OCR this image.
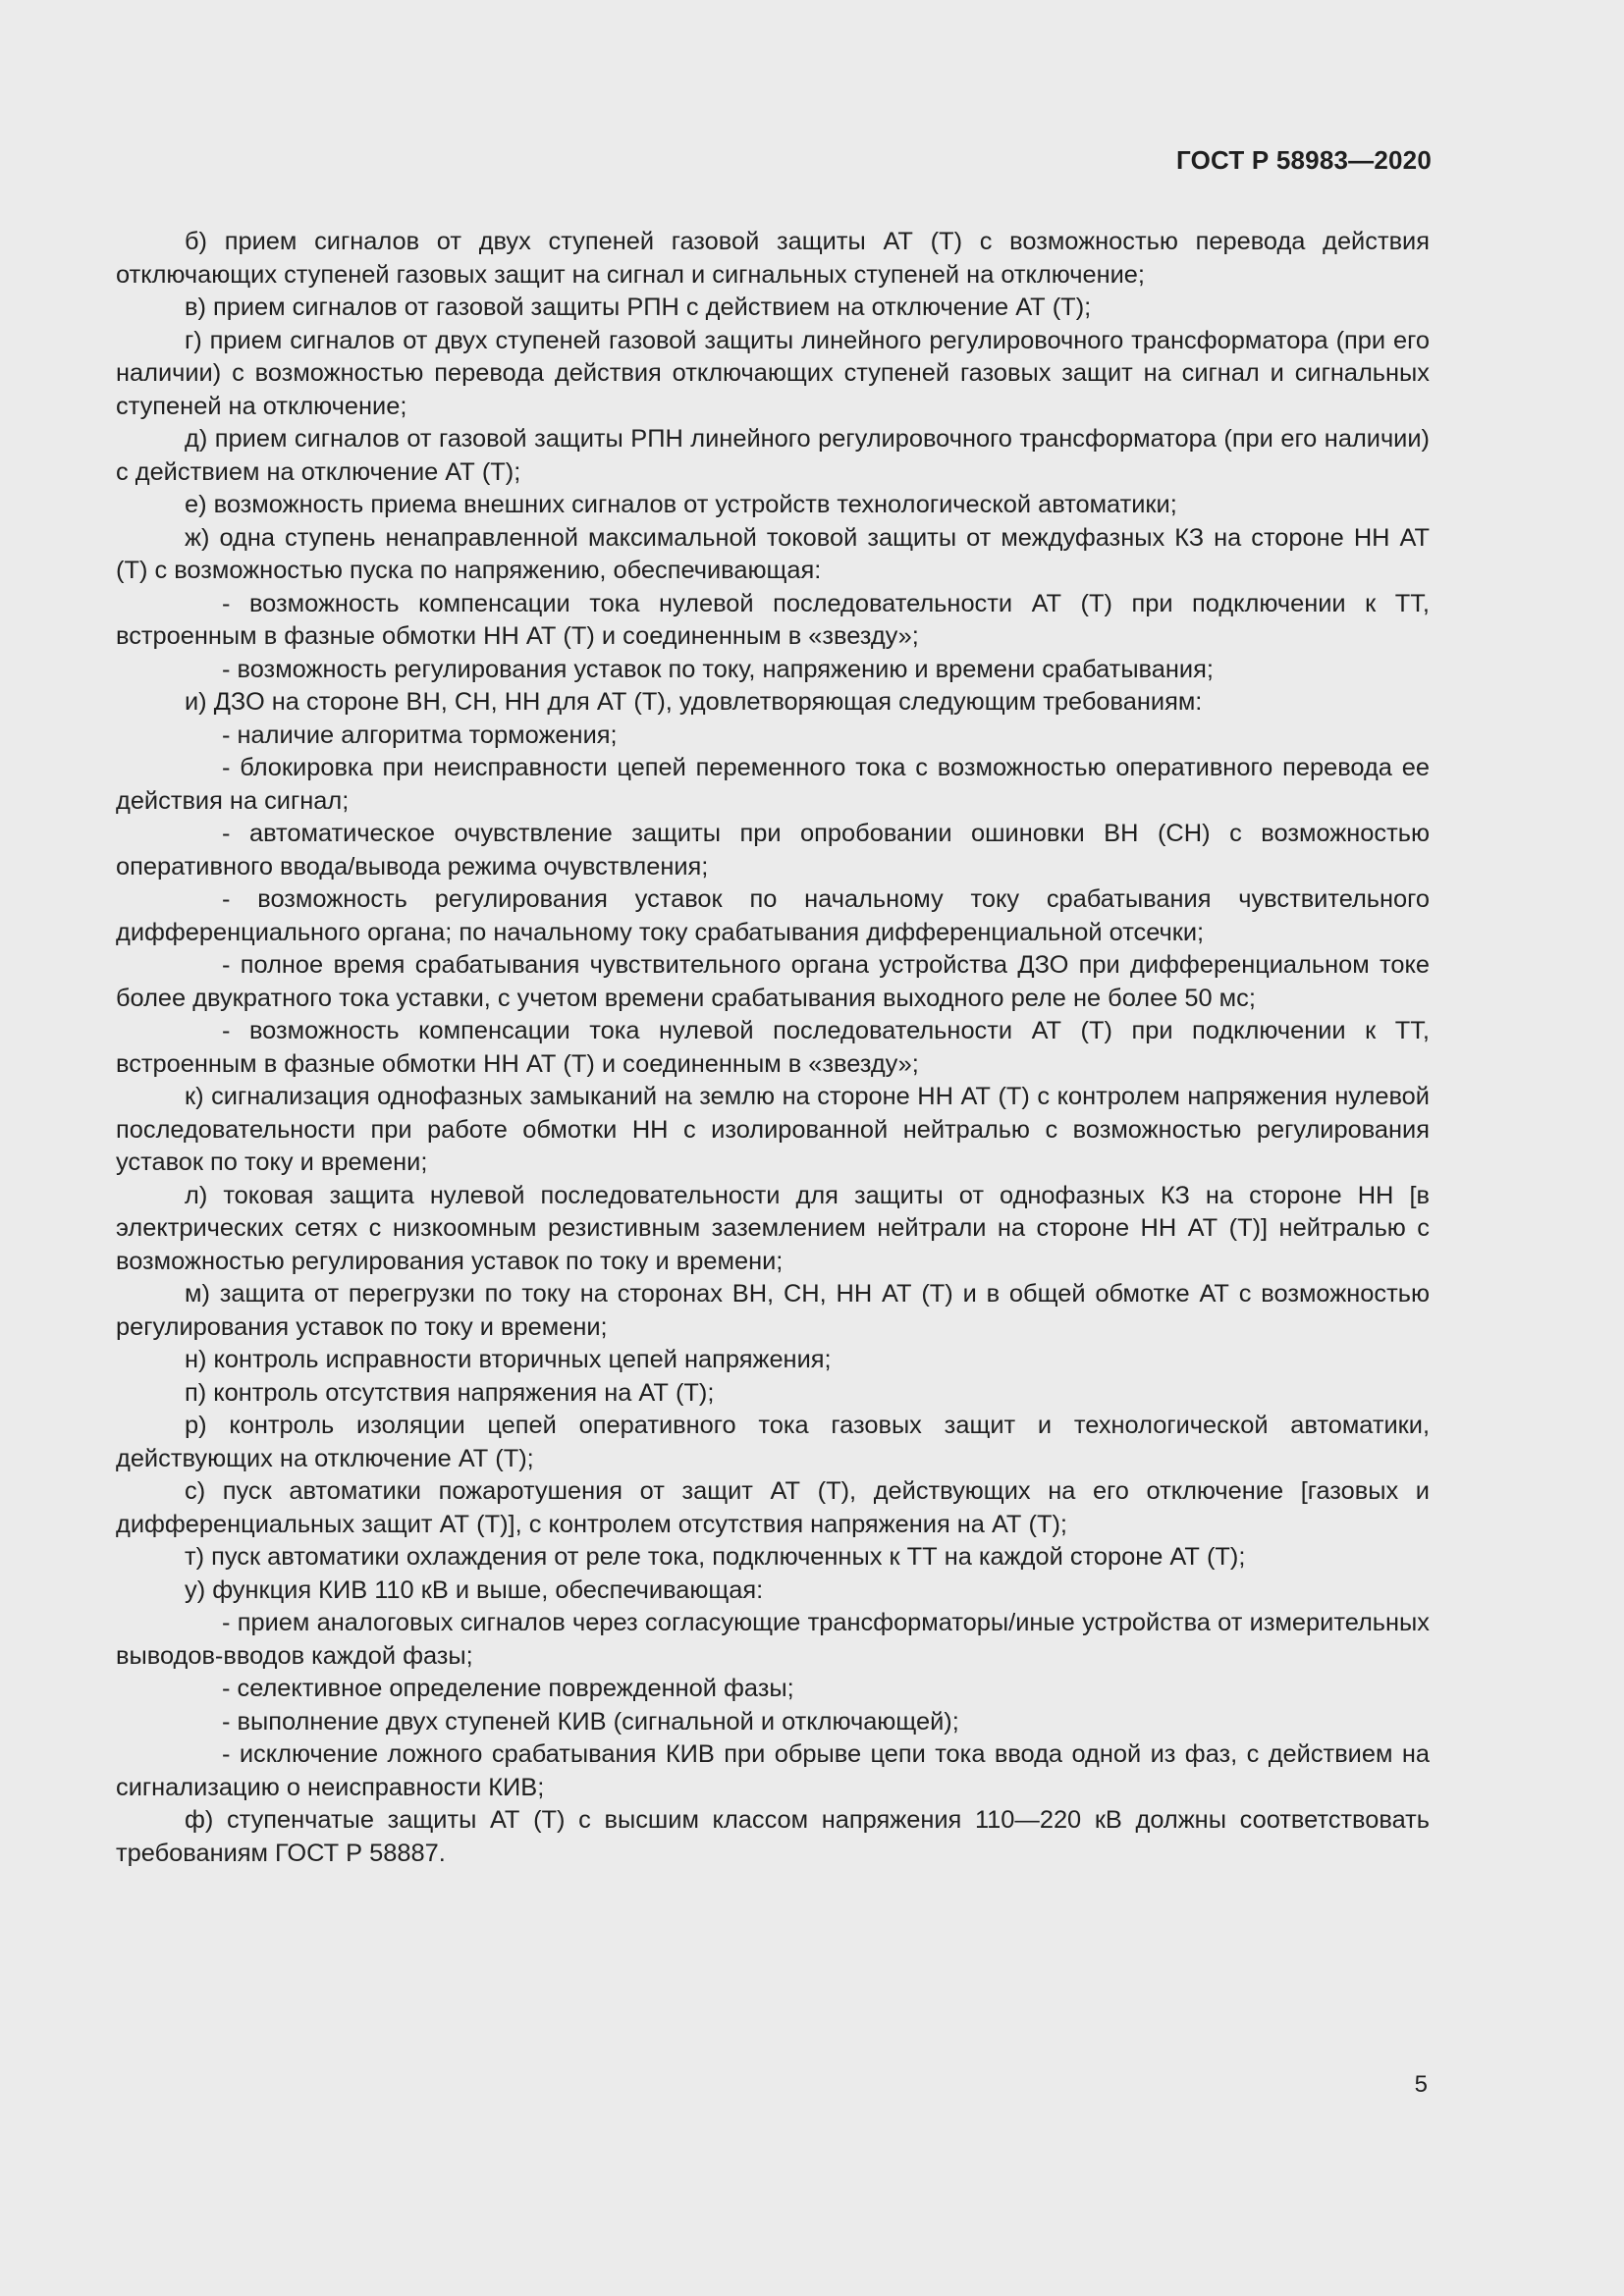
ГОСТ Р 58983—2020

б) прием сигналов от двух ступеней газовой защиты АТ (Т) с возможностью перевода действия отключающих ступеней газовых защит на сигнал и сигнальных ступеней на отключение;

в) прием сигналов от газовой защиты РПН с действием на отключение АТ (Т);

г) прием сигналов от двух ступеней газовой защиты линейного регулировочного трансформатора (при его наличии) с возможностью перевода действия отключающих ступеней газовых защит на сигнал и сигнальных ступеней на отключение;

д) прием сигналов от газовой защиты РПН линейного регулировочного трансформатора (при его наличии) с действием на отключение АТ (Т);

е) возможность приема внешних сигналов от устройств технологической автоматики;

ж) одна ступень ненаправленной максимальной токовой защиты от междуфазных КЗ на стороне НН АТ (Т) с возможностью пуска по напряжению, обеспечивающая:

- возможность компенсации тока нулевой последовательности АТ (Т) при подключении к ТТ, встроенным в фазные обмотки НН АТ (Т) и соединенным в «звезду»;

- возможность регулирования уставок по току, напряжению и времени срабатывания;

и) ДЗО на стороне ВН, СН, НН для АТ (Т), удовлетворяющая следующим требованиям:

- наличие алгоритма торможения;

- блокировка при неисправности цепей переменного тока с возможностью оперативного перевода ее действия на сигнал;

- автоматическое очувствление защиты при опробовании ошиновки ВН (СН) с возможностью оперативного ввода/вывода режима очувствления;

- возможность регулирования уставок по начальному току срабатывания чувствительного дифференциального органа; по начальному току срабатывания дифференциальной отсечки;

- полное время срабатывания чувствительного органа устройства ДЗО при дифференциальном токе более двукратного тока уставки, с учетом времени срабатывания выходного реле не более 50 мс;

- возможность компенсации тока нулевой последовательности АТ (Т) при подключении к ТТ, встроенным в фазные обмотки НН АТ (Т) и соединенным в «звезду»;

к) сигнализация однофазных замыканий на землю на стороне НН АТ (Т) с контролем напряжения нулевой последовательности при работе обмотки НН с изолированной нейтралью с возможностью регулирования уставок по току и времени;

л) токовая защита нулевой последовательности для защиты от однофазных КЗ на стороне НН [в электрических сетях с низкоомным резистивным заземлением нейтрали на стороне НН АТ (Т)] нейтралью с возможностью регулирования уставок по току и времени;

м) защита от перегрузки по току на сторонах ВН, СН, НН АТ (Т) и в общей обмотке АТ с возможностью регулирования уставок по току и времени;

н) контроль исправности вторичных цепей напряжения;

п) контроль отсутствия напряжения на АТ (Т);

р) контроль изоляции цепей оперативного тока газовых защит и технологической автоматики, действующих на отключение АТ (Т);

с) пуск автоматики пожаротушения от защит АТ (Т), действующих на его отключение [газовых и дифференциальных защит АТ (Т)], с контролем отсутствия напряжения на АТ (Т);

т) пуск автоматики охлаждения от реле тока, подключенных к ТТ на каждой стороне АТ (Т);

у) функция КИВ 110 кВ и выше, обеспечивающая:

- прием аналоговых сигналов через согласующие трансформаторы/иные устройства от измерительных выводов-вводов каждой фазы;

- селективное определение поврежденной фазы;

- выполнение двух ступеней КИВ (сигнальной и отключающей);

- исключение ложного срабатывания КИВ при обрыве цепи тока ввода одной из фаз, с действием на сигнализацию о неисправности КИВ;

ф) ступенчатые защиты АТ (Т) с высшим классом напряжения 110—220 кВ должны соответствовать требованиям ГОСТ Р 58887.

5
